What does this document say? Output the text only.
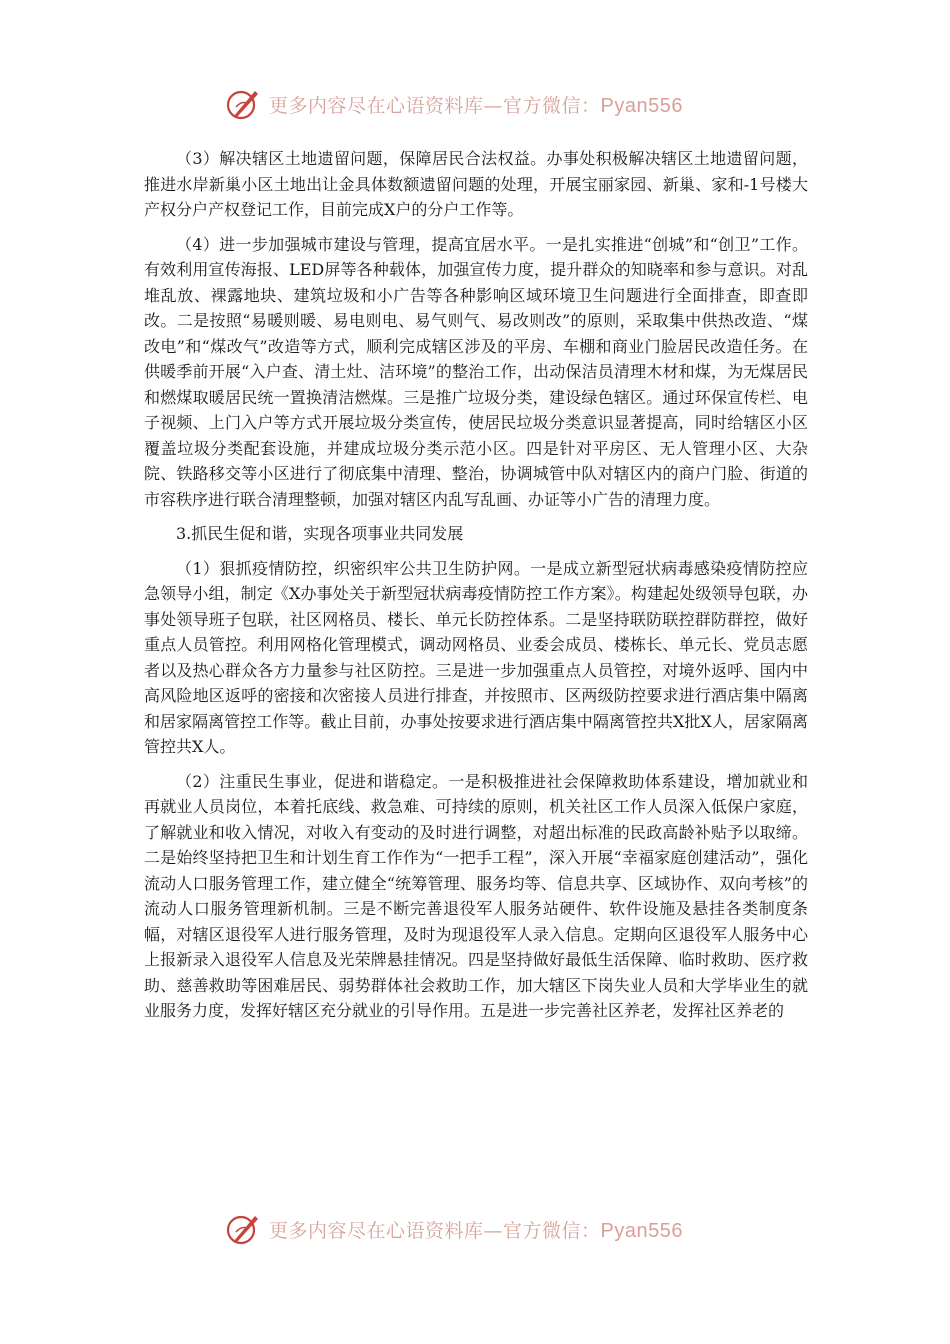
更多内容尽在心语资料库—官方微信：Pyan556

（3）解决辖区土地遗留问题，保障居民合法权益。办事处积极解决辖区土地遗留问题，推进水岸新巢小区土地出让金具体数额遗留问题的处理，开展宝丽家园、新巢、家和-1号楼大产权分户产权登记工作，目前完成X户的分户工作等。

（4）进一步加强城市建设与管理，提高宜居水平。一是扎实推进“创城”和“创卫”工作。有效利用宣传海报、LED屏等各种载体，加强宣传力度，提升群众的知晓率和参与意识。对乱堆乱放、裸露地块、建筑垃圾和小广告等各种影响区域环境卫生问题进行全面排查，即查即改。二是按照“易暖则暖、易电则电、易气则气、易改则改”的原则，采取集中供热改造、“煤改电”和“煤改气”改造等方式，顺利完成辖区涉及的平房、车棚和商业门脸居民改造任务。在供暖季前开展“入户查、清土灶、洁环境”的整治工作，出动保洁员清理木材和煤，为无煤居民和燃煤取暖居民统一置换清洁燃煤。三是推广垃圾分类，建设绿色辖区。通过环保宣传栏、电子视频、上门入户等方式开展垃圾分类宣传，使居民垃圾分类意识显著提高，同时给辖区小区覆盖垃圾分类配套设施，并建成垃圾分类示范小区。四是针对平房区、无人管理小区、大杂院、铁路移交等小区进行了彻底集中清理、整治，协调城管中队对辖区内的商户门脸、街道的市容秩序进行联合清理整顿，加强对辖区内乱写乱画、办证等小广告的清理力度。

3.抓民生促和谐，实现各项事业共同发展

（1）狠抓疫情防控，织密织牢公共卫生防护网。一是成立新型冠状病毒感染疫情防控应急领导小组，制定《X办事处关于新型冠状病毒疫情防控工作方案》。构建起处级领导包联，办事处领导班子包联，社区网格员、楼长、单元长防控体系。二是坚持联防联控群防群控，做好重点人员管控。利用网格化管理模式，调动网格员、业委会成员、楼栋长、单元长、党员志愿者以及热心群众各方力量参与社区防控。三是进一步加强重点人员管控，对境外返呼、国内中高风险地区返呼的密接和次密接人员进行排查，并按照市、区两级防控要求进行酒店集中隔离和居家隔离管控工作等。截止目前，办事处按要求进行酒店集中隔离管控共X批X人，居家隔离管控共X人。

（2）注重民生事业，促进和谐稳定。一是积极推进社会保障救助体系建设，增加就业和再就业人员岗位，本着托底线、救急难、可持续的原则，机关社区工作人员深入低保户家庭，了解就业和收入情况，对收入有变动的及时进行调整，对超出标准的民政高龄补贴予以取缔。二是始终坚持把卫生和计划生育工作作为“一把手工程”，深入开展“幸福家庭创建活动”，强化流动人口服务管理工作，建立健全“统筹管理、服务均等、信息共享、区域协作、双向考核”的流动人口服务管理新机制。三是不断完善退役军人服务站硬件、软件设施及悬挂各类制度条幅，对辖区退役军人进行服务管理，及时为现退役军人录入信息。定期向区退役军人服务中心上报新录入退役军人信息及光荣牌悬挂情况。四是坚持做好最低生活保障、临时救助、医疗救助、慈善救助等困难居民、弱势群体社会救助工作，加大辖区下岗失业人员和大学毕业生的就业服务力度，发挥好辖区充分就业的引导作用。五是进一步完善社区养老，发挥社区养老的

更多内容尽在心语资料库—官方微信：Pyan556
